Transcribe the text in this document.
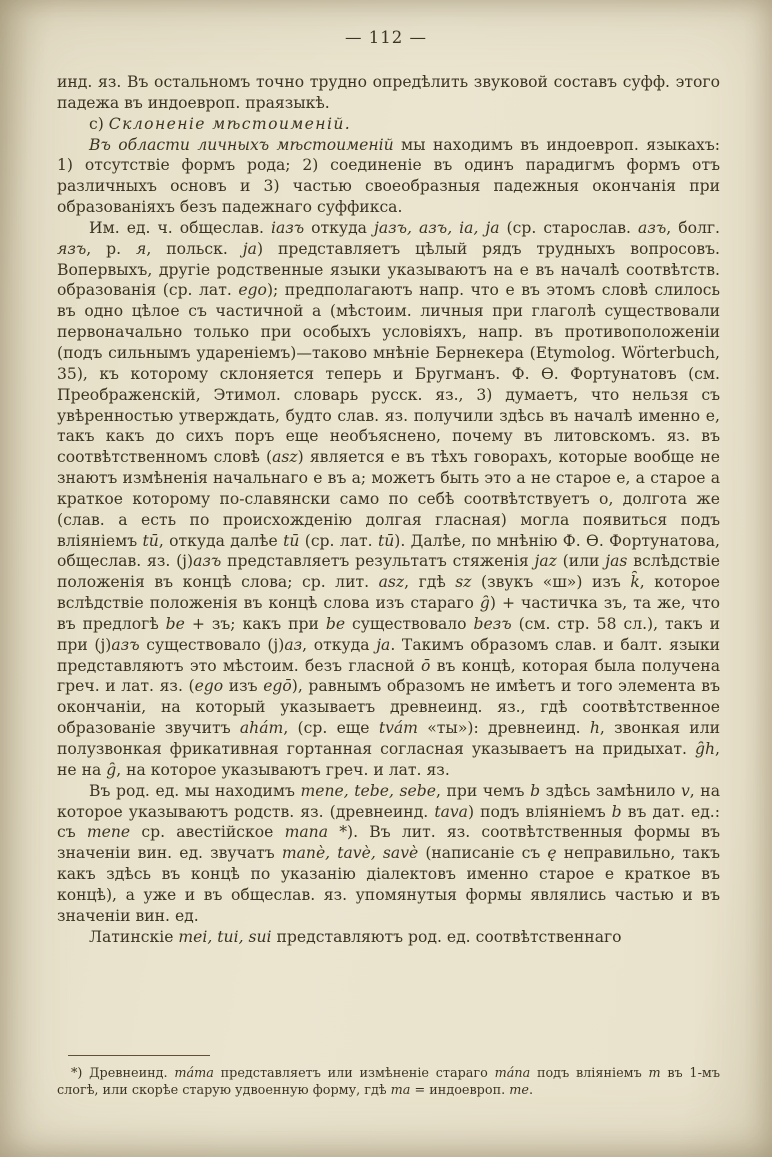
— 112 —

инд. яз. Въ остальномъ точно трудно опредѣлить звуковой составъ суфф. этого падежа въ индоевроп. праязыкѣ.

с) Склоненіе мѣстоименій.

Въ области личныхъ мѣстоименій мы находимъ въ индоевроп. языкахъ: 1) отсутствіе формъ рода; 2) соединеніе въ одинъ парадигмъ формъ отъ различныхъ основъ и 3) частью своеобразныя падежныя окончанія при образованіяхъ безъ падежнаго суффикса.

Им. ед. ч. общеслав. іазъ откуда jазъ, азъ, іа, ja (ср. старослав. азъ, болг. язъ, р. я, польск. ja) представляетъ цѣлый рядъ трудныхъ вопросовъ. Вопервыхъ, другіе родственные языки указываютъ на е въ началѣ соотвѣтств. образованія (ср. лат. ego); предполагаютъ напр. что е въ этомъ словѣ слилось въ одно цѣлое съ частичной а (мѣстоим. личныя при глаголѣ существовали первоначально только при особыхъ условіяхъ, напр. въ противоположеніи (подъ сильнымъ удареніемъ)—таково мнѣніе Бернекера (Etymolog. Wörterbuch, 35), къ которому склоняется теперь и Бругманъ. Ф. Ѳ. Фортунатовъ (см. Преображенскій, Этимол. словарь русск. яз., 3) думаетъ, что нельзя съ увѣренностью утверждать, будто слав. яз. получили здѣсь въ началѣ именно е, такъ какъ до сихъ поръ еще необъяснено, почему въ литовскомъ. яз. въ соотвѣтственномъ словѣ (asz) является е въ тѣхъ говорахъ, которые вообще не знаютъ измѣненія начальнаго е въ а; можетъ быть это а не старое е, а старое а краткое которому по-славянски само по себѣ соотвѣтствуетъ о, долгота же (слав. а есть по происхожденію долгая гласная) могла появиться подъ вліяніемъ tū, откуда далѣе tū (ср. лат. tū). Далѣе, по мнѣнію Ф. Ѳ. Фортунатова, общеслав. яз. (j)азъ представляетъ результатъ стяженія jaz (или jas вслѣдствіе положенія въ концѣ слова; ср. лит. asz, гдѣ sz (звукъ «ш») изъ k̑, которое вслѣдствіе положенія въ концѣ слова изъ стараго g̑) + частичка зъ, та же, что въ предлогѣ be + зъ; какъ при be существовало beзъ (см. стр. 58 сл.), такъ и при (j)азъ существовало (j)аз, откуда ja. Такимъ образомъ слав. и балт. языки представляютъ это мѣстоим. безъ гласной ō въ концѣ, которая была получена греч. и лат. яз. (ego изъ egō), равнымъ образомъ не имѣетъ и того элемента въ окончаніи, на который указываетъ древнеинд. яз., гдѣ соотвѣтственное образованіе звучитъ ahám, (ср. еще tvám «ты»): древнеинд. h, звонкая или полузвонкая фрикативная гортанная согласная указываетъ на придыхат. g̑h, не на g̑, на которое указываютъ греч. и лат. яз.

Въ род. ед. мы находимъ mene, tebe, sebe, при чемъ b здѣсь замѣнило v, на которое указываютъ родств. яз. (древнеинд. tava) подъ вліяніемъ b въ дат. ед.: съ mene ср. авестійское mana *). Въ лит. яз. соотвѣтственныя формы въ значеніи вин. ед. звучатъ manè, tavè, savè (написаніе съ ę неправильно, такъ какъ здѣсь въ концѣ по указанію діалектовъ именно старое е краткое въ концѣ), а уже и въ общеслав. яз. упомянутыя формы являлись частью и въ значеніи вин. ед.

Латинскіе mei, tui, sui представляютъ род. ед. соотвѣтственнаго

*) Древнеинд. máma представляетъ или измѣненіе стараго mána подъ вліяніемъ m въ 1-мъ слогѣ, или скорѣе старую удвоенную форму, гдѣ ma = индоевроп. me.
